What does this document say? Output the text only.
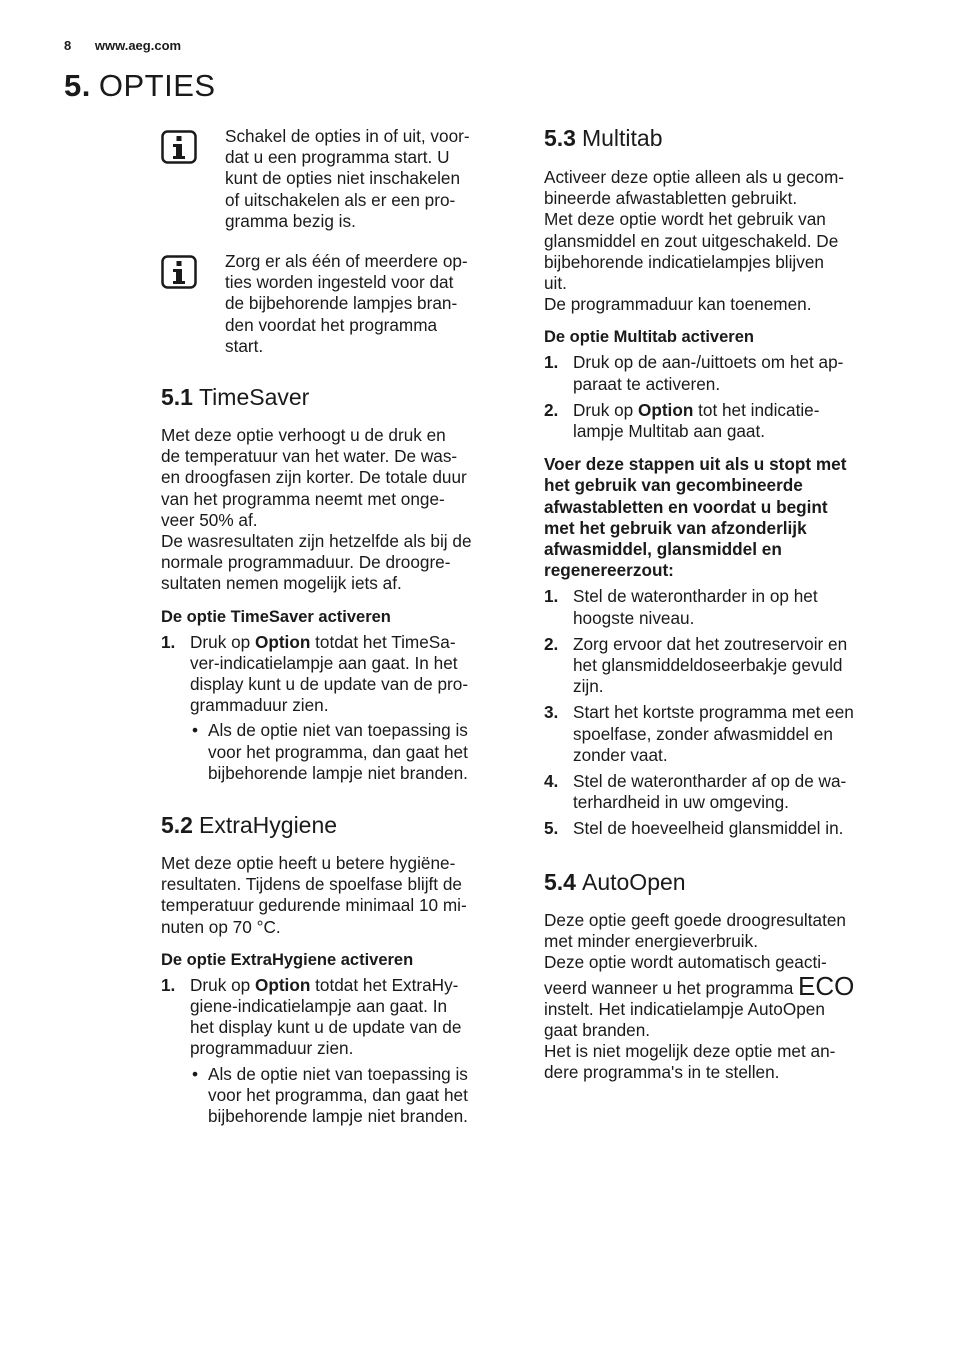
8 www.aeg.com
5. OPTIES

Schakel de opties in of uit, voor-
dat u een programma start. U
kunt de opties niet inschakelen
of uitschakelen als er een pro-
gramma bezig is.

Zorg er als één of meerdere op-
ties worden ingesteld voor dat
de bijbehorende lampjes bran-
den voordat het programma
start.

5.1 TimeSaver

Met deze optie verhoogt u de druk en
de temperatuur van het water. De was-
en droogfasen zijn korter. De totale duur
van het programma neemt met onge-
veer 50% af.
De wasresultaten zijn hetzelfde als bij de
normale programmaduur. De droogre-
sultaten nemen mogelijk iets af.

De optie TimeSaver activeren
1. Druk op Option totdat het TimeSa-
ver-indicatielampje aan gaat. In het
display kunt u de update van de pro-
grammaduur zien.
• Als de optie niet van toepassing is
voor het programma, dan gaat het
bijbehorende lampje niet branden.
5.2 ExtraHygiene

Met deze optie heeft u betere hygiëne-
resultaten. Tijdens de spoelfase blijft de
temperatuur gedurende minimaal 10 mi-
nuten op 70 °C.

De optie ExtraHygiene activeren
1. Druk op Option totdat het ExtraHy-
giene-indicatielampje aan gaat. In
het display kunt u de update van de
programmaduur zien.
• Als de optie niet van toepassing is
voor het programma, dan gaat het
bijbehorende lampje niet branden.
5.3 Multitab

Activeer deze optie alleen als u gecom-
bineerde afwastabletten gebruikt.
Met deze optie wordt het gebruik van
glansmiddel en zout uitgeschakeld. De
bijbehorende indicatielampjes blijven
uit.
De programmaduur kan toenemen.

De optie Multitab activeren
1. Druk op de aan-/uittoets om het ap-
paraat te activeren.
2. Druk op Option tot het indicatie-
lampje Multitab aan gaat.

Voer deze stappen uit als u stopt met
het gebruik van gecombineerde
afwastabletten en voordat u begint
met het gebruik van afzonderlijk
afwasmiddel, glansmiddel en
regenereerzout:

1. Stel de waterontharder in op het
hoogste niveau.
2. Zorg ervoor dat het zoutreservoir en
het glansmiddeldoseerbakje gevuld
zijn.
3. Start het kortste programma met een
spoelfase, zonder afwasmiddel en
zonder vaat.
4. Stel de waterontharder af op de wa-
terhardheid in uw omgeving.
5. Stel de hoeveelheid glansmiddel in.
5.4 AutoOpen

Deze optie geeft goede droogresultaten
met minder energieverbruik.
Deze optie wordt automatisch geacti-
veerd wanneer u het programma ECO

instelt. Het indicatielampje AutoOpen
gaat branden.
Het is niet mogelijk deze optie met an-
dere programma's in te stellen.
